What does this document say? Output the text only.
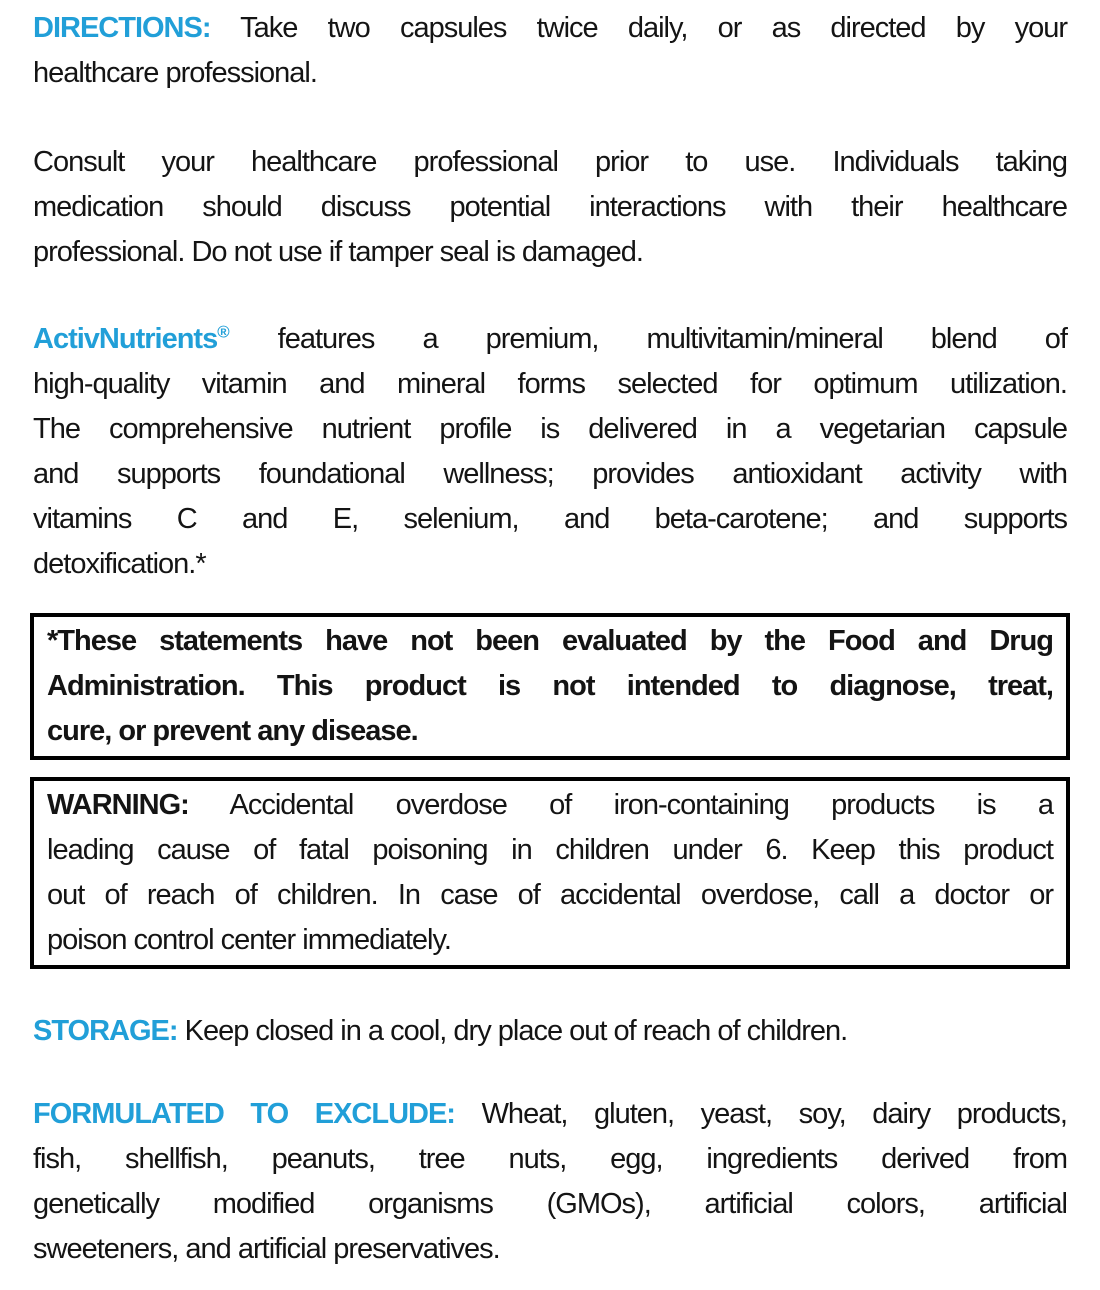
DIRECTIONS: Take two capsules twice daily, or as directed by your
healthcare professional.

Consult your healthcare professional prior to use. Individuals taking
medication should discuss potential interactions with their healthcare
professional. Do not use if tamper seal is damaged.

ActivNutrients® features a premium, multivitamin/mineral blend of
high-quality vitamin and mineral forms selected for optimum utilization.
The comprehensive nutrient profile is delivered in a vegetarian capsule
and supports foundational wellness; provides antioxidant activity with
vitamins C and E, selenium, and beta-carotene; and supports
detoxification.*

*These statements have not been evaluated by the Food and Drug
Administration. This product is not intended to diagnose, treat,
cure, or prevent any disease.

WARNING: Accidental overdose of iron-containing products is a
leading cause of fatal poisoning in children under 6. Keep this product
out of reach of children. In case of accidental overdose, call a doctor or
poison control center immediately.

STORAGE: Keep closed in a cool, dry place out of reach of children.

FORMULATED TO EXCLUDE: Wheat, gluten, yeast, soy, dairy products,
fish, shellfish, peanuts, tree nuts, egg, ingredients derived from
genetically modified organisms (GMOs), artificial colors, artificial
sweeteners, and artificial preservatives.
